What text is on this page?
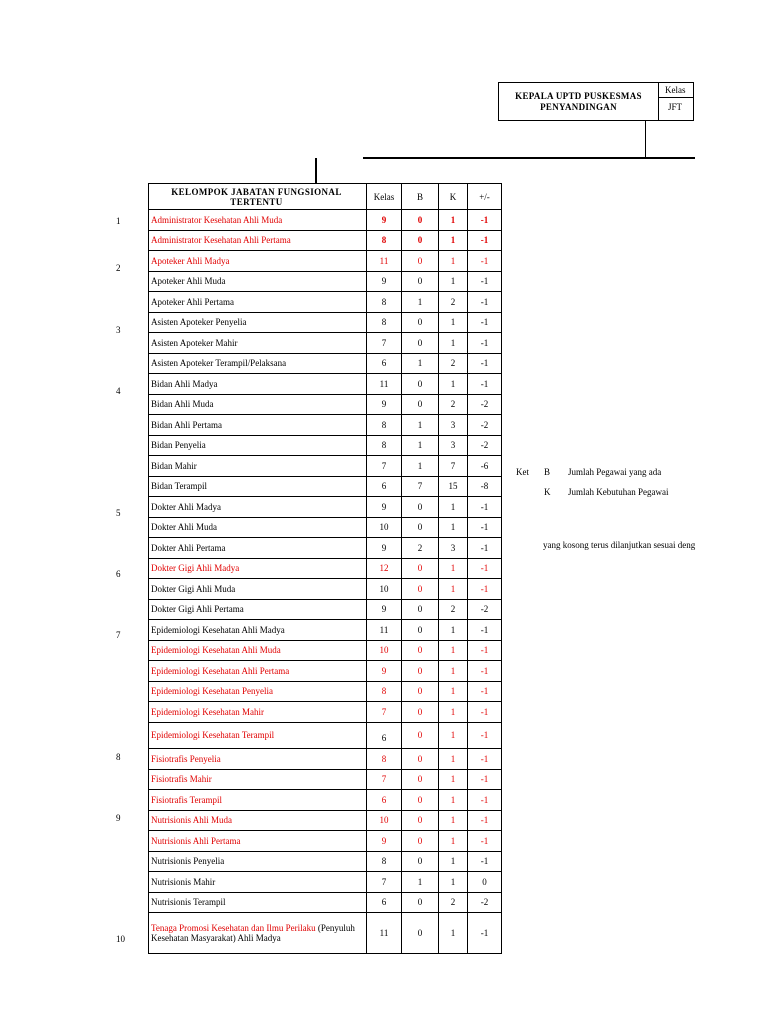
KEPALA UPTD PUSKESMAS
PENYANDINGAN
Kelas
JFT
KELOMPOK JABATAN FUNGSIONAL TERTENTU	Kelas	B	K	+/-
Administrator Kesehatan Ahli Muda	9	0	1	-1
Administrator Kesehatan Ahli Pertama	8	0	1	-1
Apoteker Ahli Madya	11	0	1	-1
Apoteker Ahli Muda	9	0	1	-1
Apoteker Ahli Pertama	8	1	2	-1
Asisten Apoteker Penyelia	8	0	1	-1
Asisten Apoteker Mahir	7	0	1	-1
Asisten Apoteker Terampil/Pelaksana	6	1	2	-1
Bidan Ahli Madya	11	0	1	-1
Bidan Ahli Muda	9	0	2	-2
Bidan Ahli Pertama	8	1	3	-2
Bidan Penyelia	8	1	3	-2
Bidan Mahir	7	1	7	-6
Bidan Terampil	6	7	15	-8
Dokter Ahli Madya	9	0	1	-1
Dokter Ahli Muda	10	0	1	-1
Dokter Ahli Pertama	9	2	3	-1
Dokter Gigi Ahli Madya	12	0	1	-1
Dokter Gigi Ahli Muda	10	0	1	-1
Dokter Gigi Ahli Pertama	9	0	2	-2
Epidemiologi Kesehatan Ahli Madya	11	0	1	-1
Epidemiologi Kesehatan Ahli Muda	10	0	1	-1
Epidemiologi Kesehatan Ahli Pertama	9	0	1	-1
Epidemiologi Kesehatan Penyelia	8	0	1	-1
Epidemiologi Kesehatan Mahir	7	0	1	-1
Epidemiologi Kesehatan Terampil	6	0	1	-1
Fisiotrafis Penyelia	8	0	1	-1
Fisiotrafis Mahir	7	0	1	-1
Fisiotrafis Terampil	6	0	1	-1
Nutrisionis Ahli Muda	10	0	1	-1
Nutrisionis Ahli Pertama	9	0	1	-1
Nutrisionis Penyelia	8	0	1	-1
Nutrisionis Mahir	7	1	1	0
Nutrisionis Terampil	6	0	2	-2
Tenaga Promosi Kesehatan dan Ilmu Perilaku (Penyuluh Kesehatan Masyarakat) Ahli Madya	11	0	1	-1
1
2
3
4
5
6
7
8
9
10
Ket B Jumlah Pegawai yang ada
K Jumlah Kebutuhan Pegawai
yang kosong terus dilanjutkan sesuai deng
